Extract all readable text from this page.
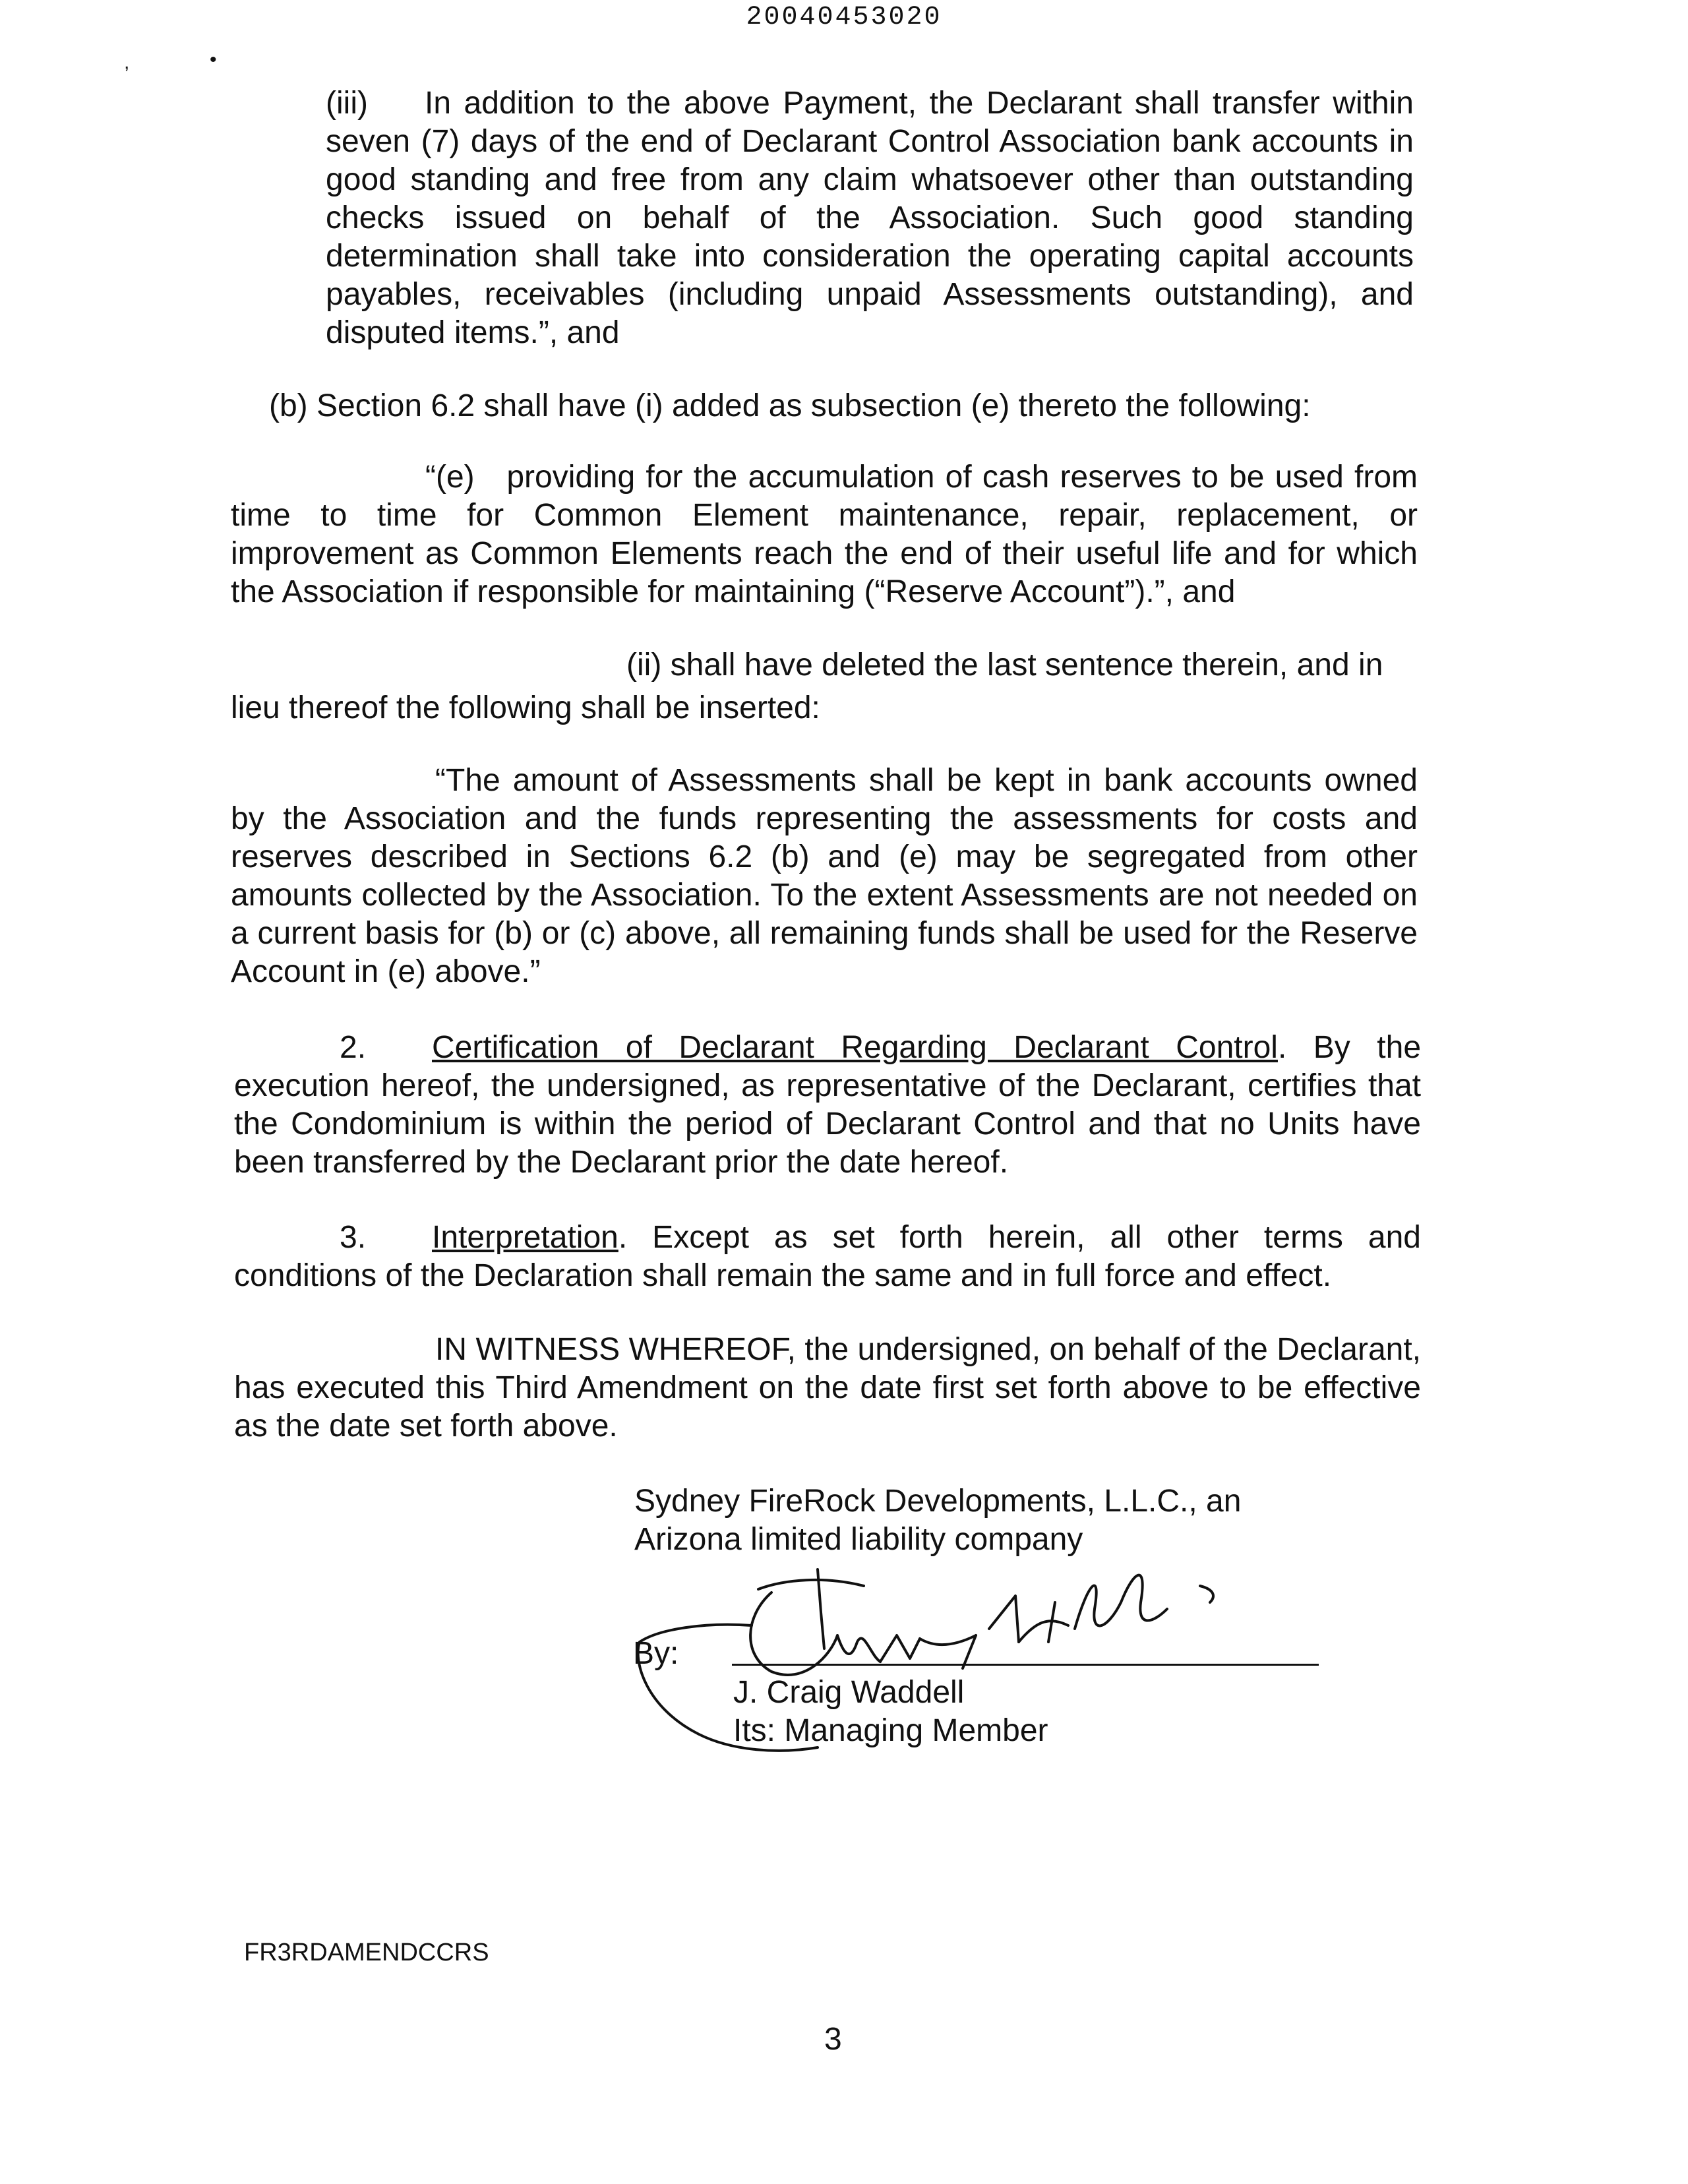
20040453020
,	•
(iii) In addition to the above Payment, the Declarant shall transfer within seven (7) days of the end of Declarant Control Association bank accounts in good standing and free from any claim whatsoever other than outstanding checks issued on behalf of the Association. Such good standing determination shall take into consideration the operating capital accounts payables, receivables (including unpaid Assessments outstanding), and disputed items.”, and
(b) Section 6.2 shall have (i) added as subsection (e) thereto the following:
“(e) providing for the accumulation of cash reserves to be used from time to time for Common Element maintenance, repair, replacement, or improvement as Common Elements reach the end of their useful life and for which the Association if responsible for maintaining (“Reserve Account”).”, and
(ii) shall have deleted the last sentence therein, and in
lieu thereof the following shall be inserted:
“The amount of Assessments shall be kept in bank accounts owned by the Association and the funds representing the assessments for costs and reserves described in Sections 6.2 (b) and (e) may be segregated from other amounts collected by the Association. To the extent Assessments are not needed on a current basis for (b) or (c) above, all remaining funds shall be used for the Reserve Account in (e) above.”
2. Certification of Declarant Regarding Declarant Control. By the execution hereof, the undersigned, as representative of the Declarant, certifies that the Condominium is within the period of Declarant Control and that no Units have been transferred by the Declarant prior the date hereof.
3. Interpretation. Except as set forth herein, all other terms and conditions of the Declaration shall remain the same and in full force and effect.
IN WITNESS WHEREOF, the undersigned, on behalf of the Declarant, has executed this Third Amendment on the date first set forth above to be effective as the date set forth above.
Sydney FireRock Developments, L.L.C., an
Arizona limited liability company
By:
J. Craig Waddell
Its: Managing Member
FR3RDAMENDCCRS
3
